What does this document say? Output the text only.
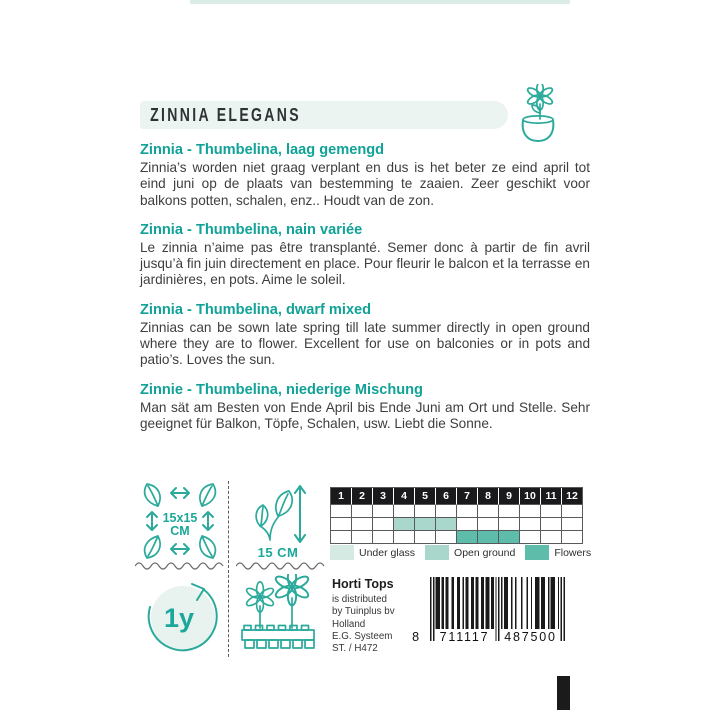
ZINNIA ELEGANS
Zinnia - Thumbelina, laag gemengd

Zinnia’s worden niet graag verplant en dus is het beter ze eind april tot eind juni op de plaats van bestemming te zaaien. Zeer geschikt voor balkons potten, schalen, enz.. Houdt van de zon.

Zinnia - Thumbelina, nain variée

Le zinnia n’aime pas être transplanté. Semer donc à partir de fin avril jusqu’à fin juin directement en place. Pour fleurir le balcon et la terrasse en jardinières, en pots. Aime le soleil.

Zinnia - Thumbelina, dwarf mixed

Zinnias can be sown late spring till late summer directly in open ground where they are to flower. Excellent for use on balconies or in pots and patio’s. Loves the sun.

Zinnie - Thumbelina, niederige Mischung

Man sät am Besten von Ende April bis Ende Juni am Ort und Stelle. Sehr geeignet für Balkon, Töpfe, Schalen, usw. Liebt die Sonne.

15x15
CM
15 CM
1y
1	2	3	4	5	6	7	8	9	10 11 12
Under glass	Open ground	Flowers
Horti Tops
is distributed
by Tuinplus bv
Holland
E.G. Systeem
ST. / H472
8 711117 487500
